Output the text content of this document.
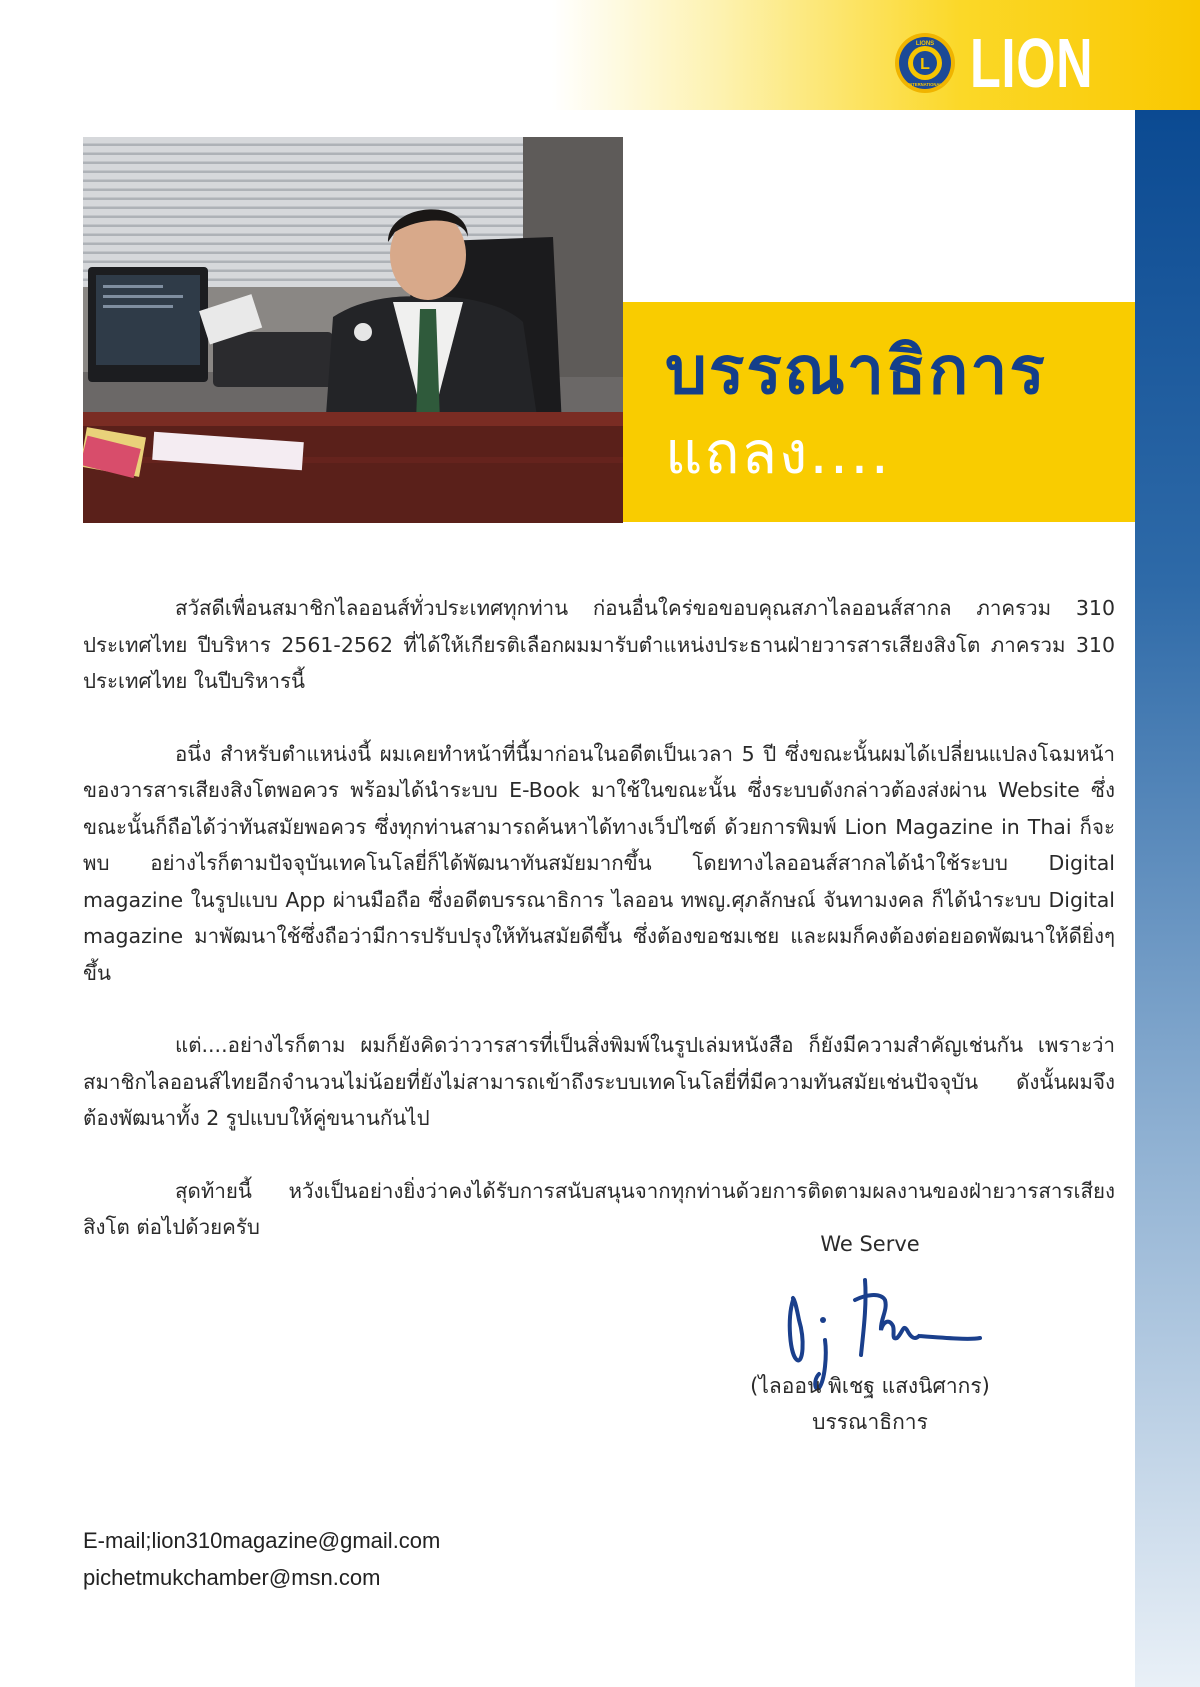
L
LIONS
INTERNATIONAL LION
บรรณาธิการ
แถลง....

สวัสดีเพื่อนสมาชิกไลออนส์ทั่วประเทศทุกท่าน ก่อนอื่นใคร่ขอขอบคุณสภาไลออนส์สากล ภาครวม 310 ประเทศไทย ปีบริหาร 2561-2562 ที่ได้ให้เกียรติเลือกผมมารับตำแหน่งประธานฝ่ายวารสารเสียงสิงโต ภาครวม 310 ประเทศไทย ในปีบริหารนี้

อนึ่ง สำหรับตำแหน่งนี้ ผมเคยทำหน้าที่นี้มาก่อนในอดีตเป็นเวลา 5 ปี ซึ่งขณะนั้นผมได้เปลี่ยนแปลงโฉมหน้าของวารสารเสียงสิงโตพอควร พร้อมได้นำระบบ E-Book มาใช้ในขณะนั้น ซึ่งระบบดังกล่าวต้องส่งผ่าน Website ซึ่งขณะนั้นก็ถือได้ว่าทันสมัยพอควร ซึ่งทุกท่านสามารถค้นหาได้ทางเว็ปไซต์ ด้วยการพิมพ์ Lion Magazine in Thai ก็จะพบ อย่างไรก็ตามปัจจุบันเทคโนโลยี่ก็ได้พัฒนาทันสมัยมากขึ้น โดยทางไลออนส์สากลได้นำใช้ระบบ Digital magazine ในรูปแบบ App ผ่านมือถือ ซึ่งอดีตบรรณาธิการ ไลออน ทพญ.ศุภลักษณ์ จันทามงคล ก็ได้นำระบบ Digital magazine มาพัฒนาใช้ซึ่งถือว่ามีการปรับปรุงให้ทันสมัยดีขึ้น ซึ่งต้องขอชมเชย และผมก็คงต้องต่อยอดพัฒนาให้ดียิ่งๆขึ้น

แต่....อย่างไรก็ตาม ผมก็ยังคิดว่าวารสารที่เป็นสิ่งพิมพ์ในรูปเล่มหนังสือ ก็ยังมีความสำคัญเช่นกัน เพราะว่าสมาชิกไลออนส์ไทยอีกจำนวนไม่น้อยที่ยังไม่สามารถเข้าถึงระบบเทคโนโลยี่ที่มีความทันสมัยเช่นปัจจุบัน ดังนั้นผมจึงต้องพัฒนาทั้ง 2 รูปแบบให้คู่ขนานกันไป

สุดท้ายนี้ หวังเป็นอย่างยิ่งว่าคงได้รับการสนับสนุนจากทุกท่านด้วยการติดตามผลงานของฝ่ายวารสารเสียงสิงโต ต่อไปด้วยครับ

We Serve
(ไลออน พิเชฐ แสงนิศากร)
บรรณาธิการ
E-mail;lion310magazine@gmail.com
pichetmukchamber@msn.com
